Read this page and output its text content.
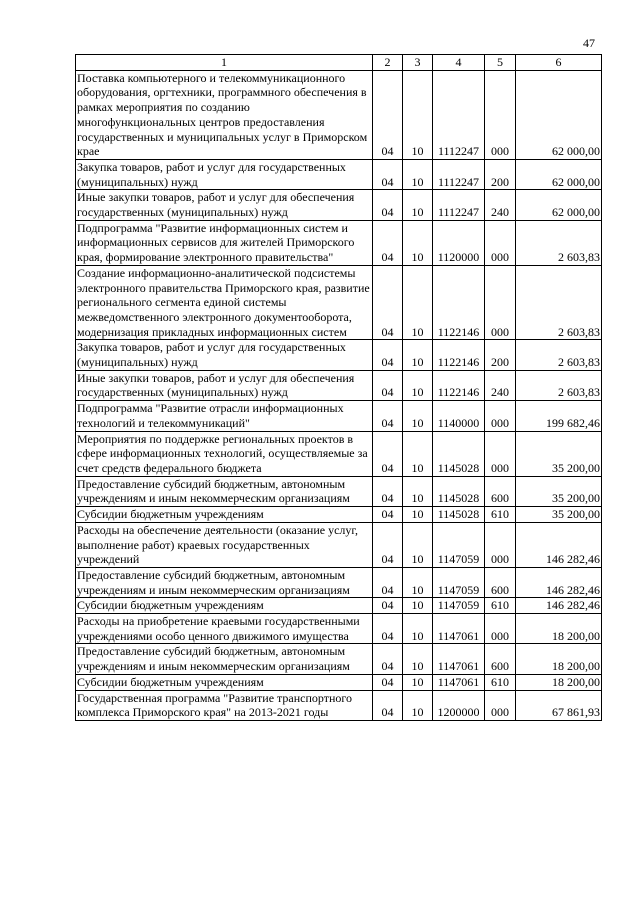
47
1	2	3	4	5	6
Поставка компьютерного и телекоммуникационного оборудования, оргтехники, программного обеспечения в рамках мероприятия по созданию многофункциональных центров предоставления государственных и муниципальных услуг в Приморском крае	04	10	1112247	000	62 000,00
Закупка товаров, работ и услуг для государственных (муниципальных) нужд	04	10	1112247	200	62 000,00
Иные закупки товаров, работ и услуг для обеспечения государственных (муниципальных) нужд	04	10	1112247	240	62 000,00
Подпрограмма "Развитие информационных систем и информационных сервисов для жителей Приморского края, формирование электронного правительства"	04	10	1120000	000	2 603,83
Создание информационно-аналитической подсистемы электронного правительства Приморского края, развитие регионального сегмента единой системы межведомственного электронного документооборота, модернизация прикладных информационных систем	04	10	1122146	000	2 603,83
Закупка товаров, работ и услуг для государственных (муниципальных) нужд	04	10	1122146	200	2 603,83
Иные закупки товаров, работ и услуг для обеспечения государственных (муниципальных) нужд	04	10	1122146	240	2 603,83
Подпрограмма "Развитие отрасли информационных технологий и телекоммуникаций"	04	10	1140000	000	199 682,46
Мероприятия по поддержке региональных проектов в сфере информационных технологий, осуществляемые за счет средств федерального бюджета	04	10	1145028	000	35 200,00
Предоставление субсидий бюджетным, автономным учреждениям и иным некоммерческим организациям	04	10	1145028	600	35 200,00
Субсидии бюджетным учреждениям	04	10	1145028	610	35 200,00
Расходы на обеспечение деятельности (оказание услуг, выполнение работ) краевых государственных учреждений	04	10	1147059	000	146 282,46
Предоставление субсидий бюджетным, автономным учреждениям и иным некоммерческим организациям	04	10	1147059	600	146 282,46
Субсидии бюджетным учреждениям	04	10	1147059	610	146 282,46
Расходы на приобретение краевыми государственными учреждениями особо ценного движимого имущества	04	10	1147061	000	18 200,00
Предоставление субсидий бюджетным, автономным учреждениям и иным некоммерческим организациям	04	10	1147061	600	18 200,00
Субсидии бюджетным учреждениям	04	10	1147061	610	18 200,00
Государственная программа "Развитие транспортного комплекса Приморского края" на 2013-2021 годы	04	10	1200000	000	67 861,93
